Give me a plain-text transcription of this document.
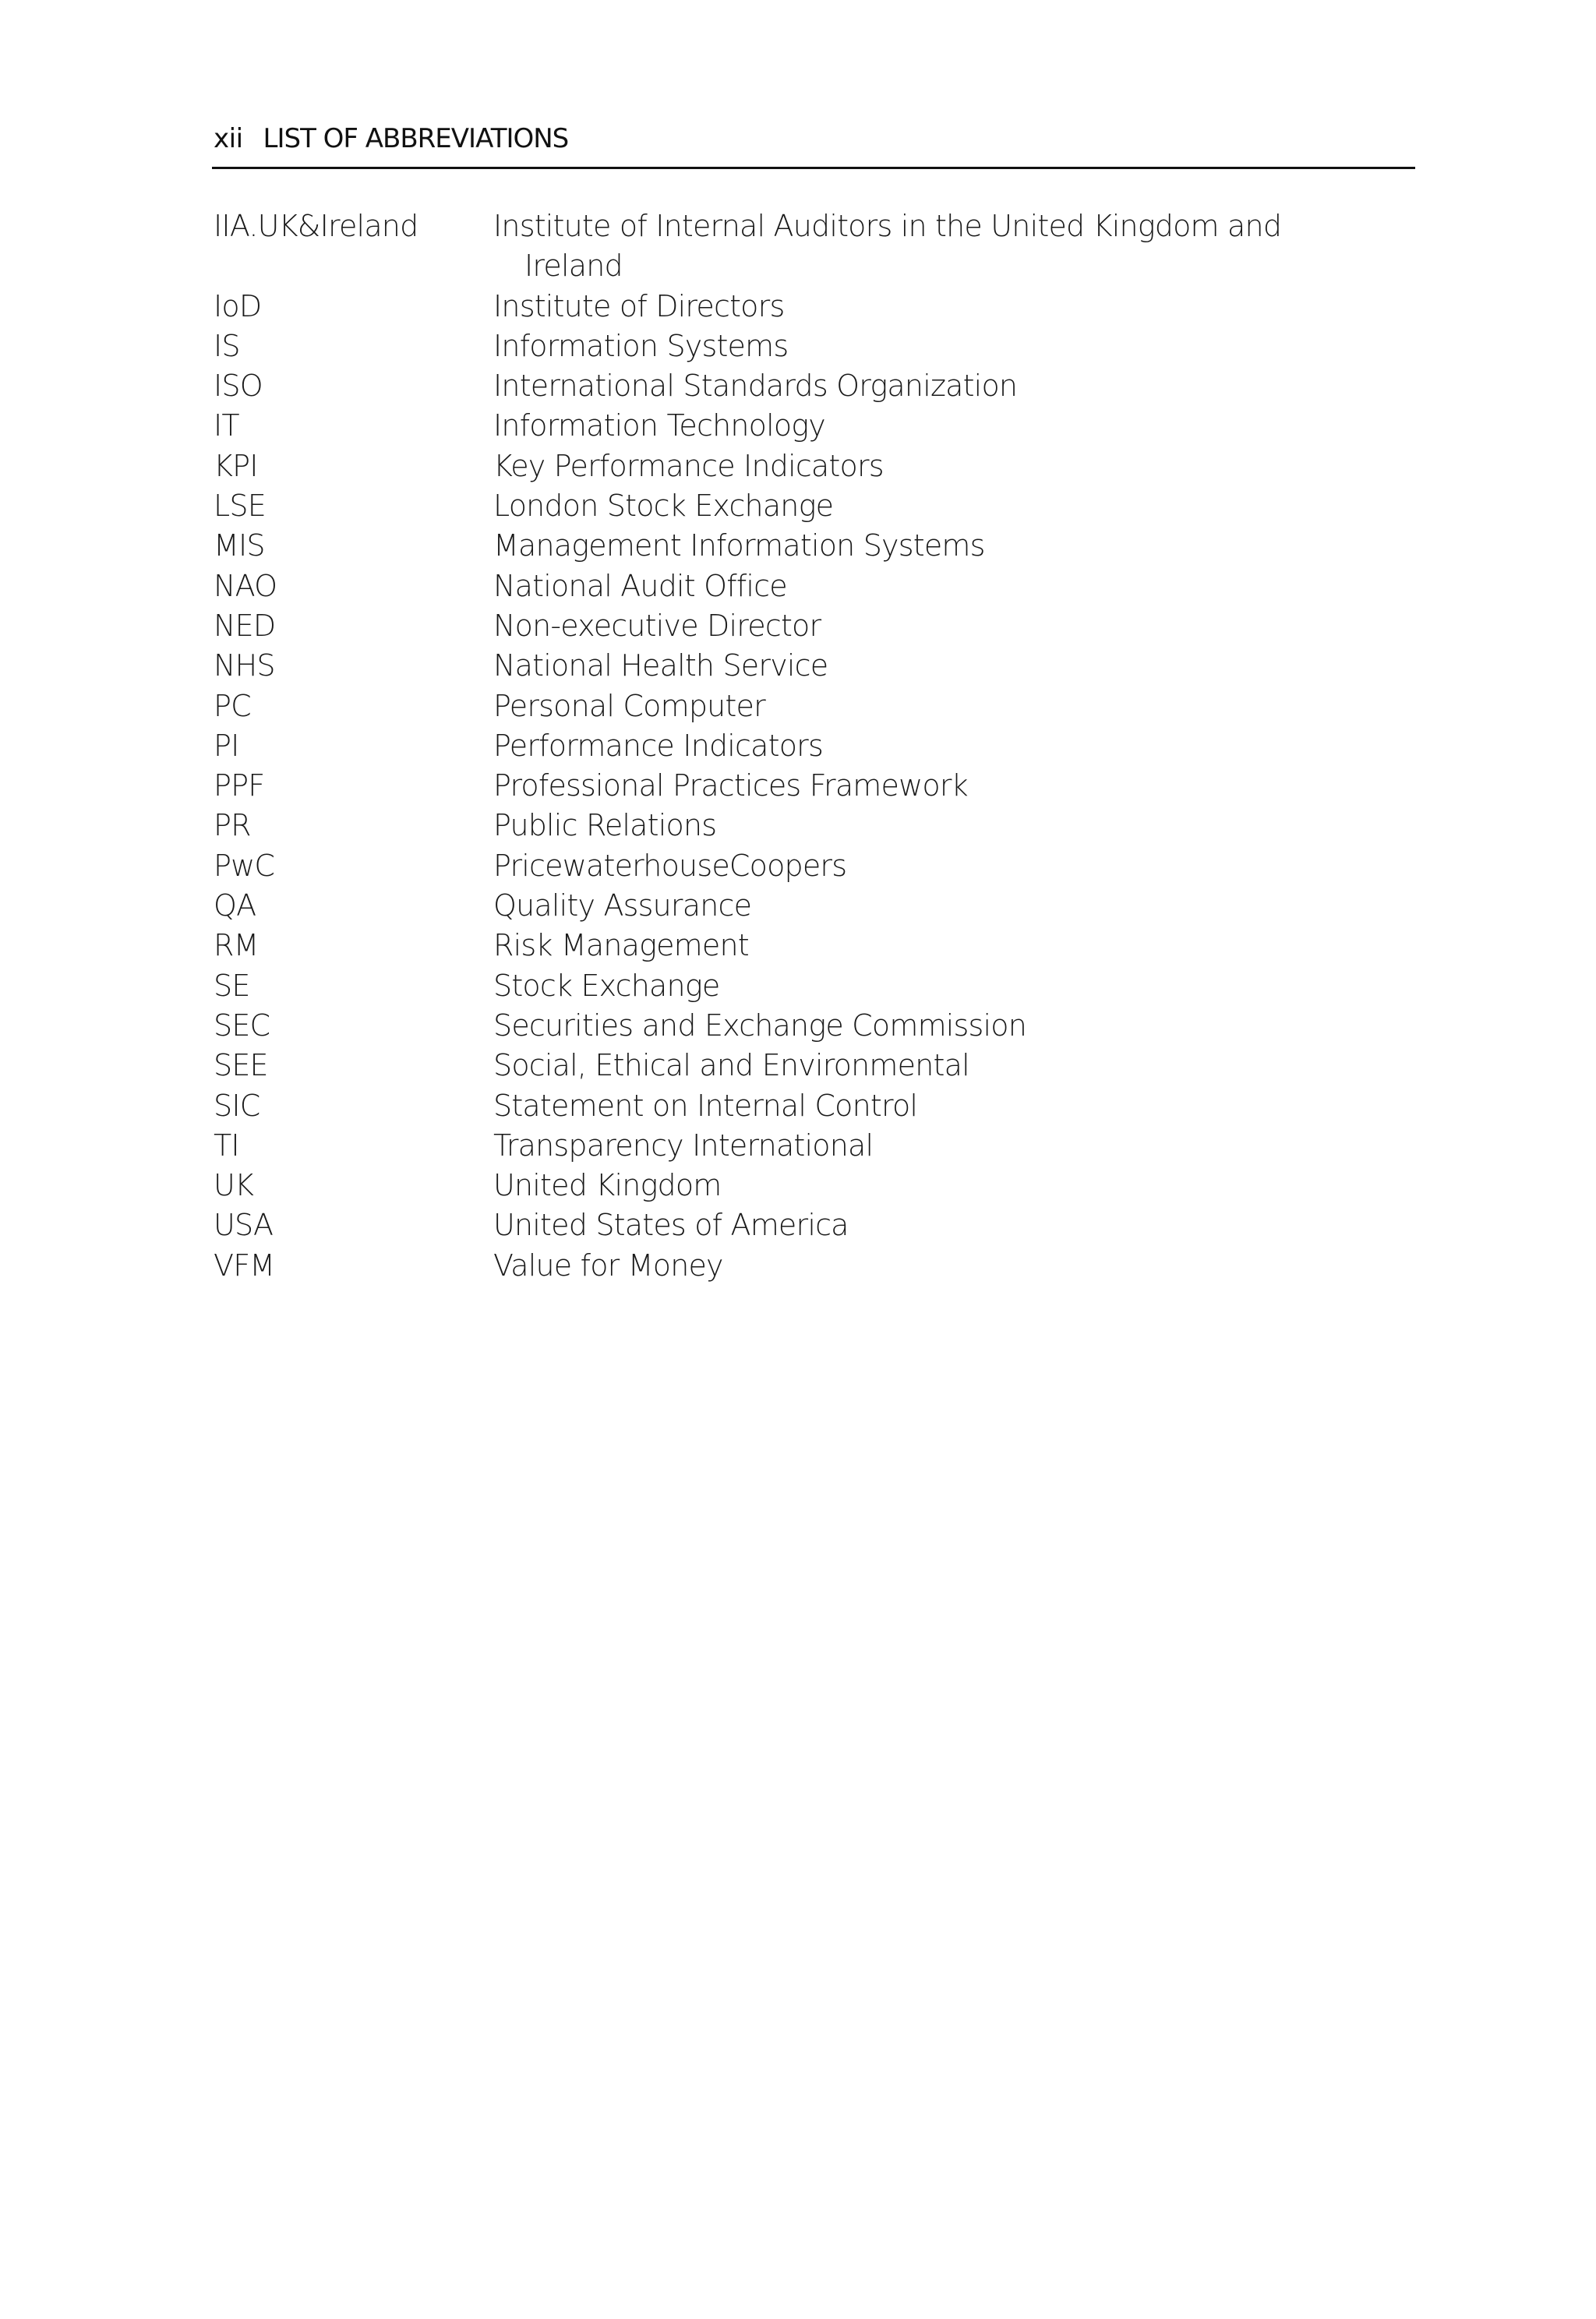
xii LIST OF ABBREVIATIONS
IIA.UK&Ireland	Institute of Internal Auditors in the United Kingdom and
Ireland
IoD	Institute of Directors
IS	Information Systems
ISO	International Standards Organization
IT	Information Technology
KPI	Key Performance Indicators
LSE	London Stock Exchange
MIS	Management Information Systems
NAO	National Audit Office
NED	Non-executive Director
NHS	National Health Service
PC	Personal Computer
PI	Performance Indicators
PPF	Professional Practices Framework
PR	Public Relations
PwC	PricewaterhouseCoopers
QA	Quality Assurance
RM	Risk Management
SE	Stock Exchange
SEC	Securities and Exchange Commission
SEE	Social, Ethical and Environmental
SIC	Statement on Internal Control
TI	Transparency International
UK	United Kingdom
USA	United States of America
VFM	Value for Money
